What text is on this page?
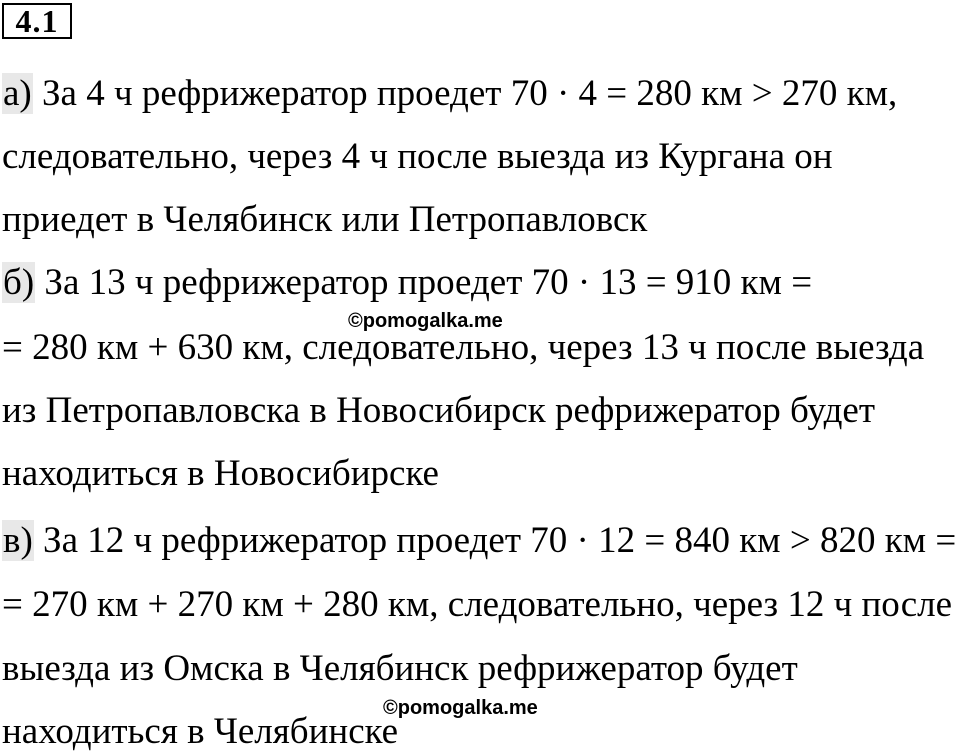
4.1
а) За 4 ч рефрижератор проедет 70 · 4 = 280 км > 270 км,
следовательно, через 4 ч после выезда из Кургана он
приедет в Челябинск или Петропавловск
б) За 13 ч рефрижератор проедет 70 · 13 = 910 км =
©pomogalka.me
= 280 км + 630 км, следовательно, через 13 ч после выезда
из Петропавловска в Новосибирск рефрижератор будет
находиться в Новосибирске
в) За 12 ч рефрижератор проедет 70 · 12 = 840 км > 820 км =
= 270 км + 270 км + 280 км, следовательно, через 12 ч после
выезда из Омска в Челябинск рефрижератор будет
©pomogalka.me
находиться в Челябинске
